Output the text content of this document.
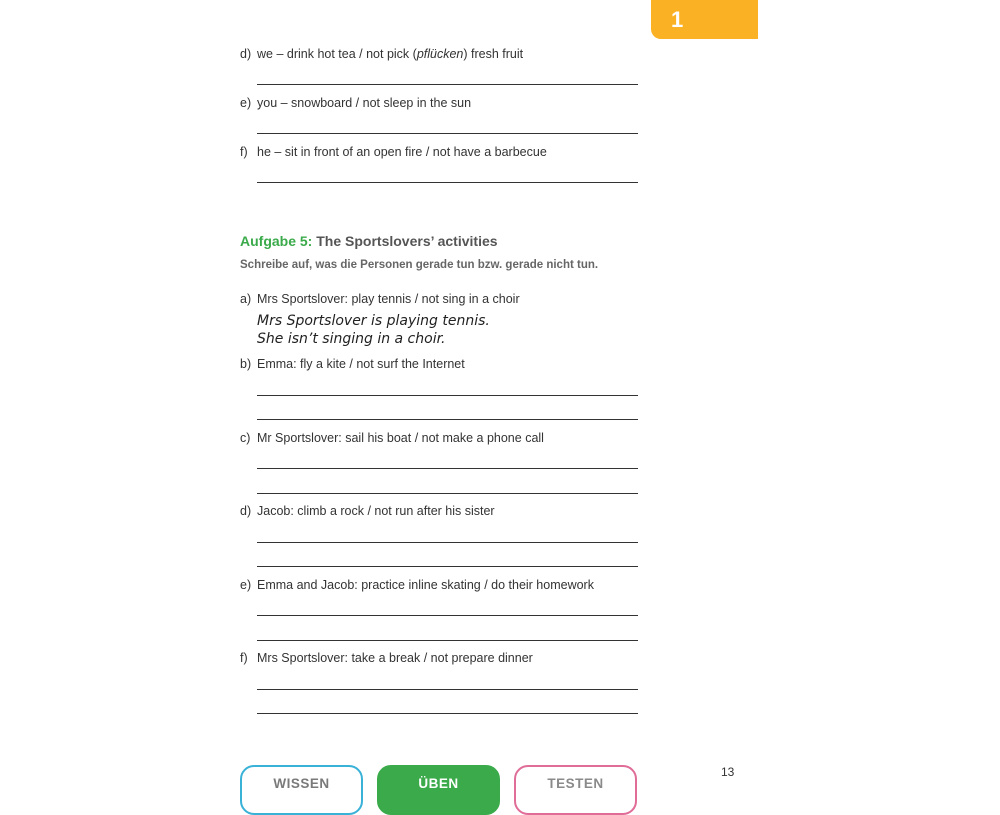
1
d) we – drink hot tea / not pick (pflücken) fresh fruit
e) you – snowboard / not sleep in the sun
f) he – sit in front of an open fire / not have a barbecue
Aufgabe 5: The Sportslovers’ activities
Schreibe auf, was die Personen gerade tun bzw. gerade nicht tun.
a) Mrs Sportslover: play tennis / not sing in a choir
Mrs Sportslover is playing tennis.
She isn’t singing in a choir.
b) Emma: fly a kite / not surf the Internet
c) Mr Sportslover: sail his boat / not make a phone call
d) Jacob: climb a rock / not run after his sister
e) Emma and Jacob: practice inline skating / do their homework
f) Mrs Sportslover: take a break / not prepare dinner
13
WISSEN	ÜBEN	TESTEN
